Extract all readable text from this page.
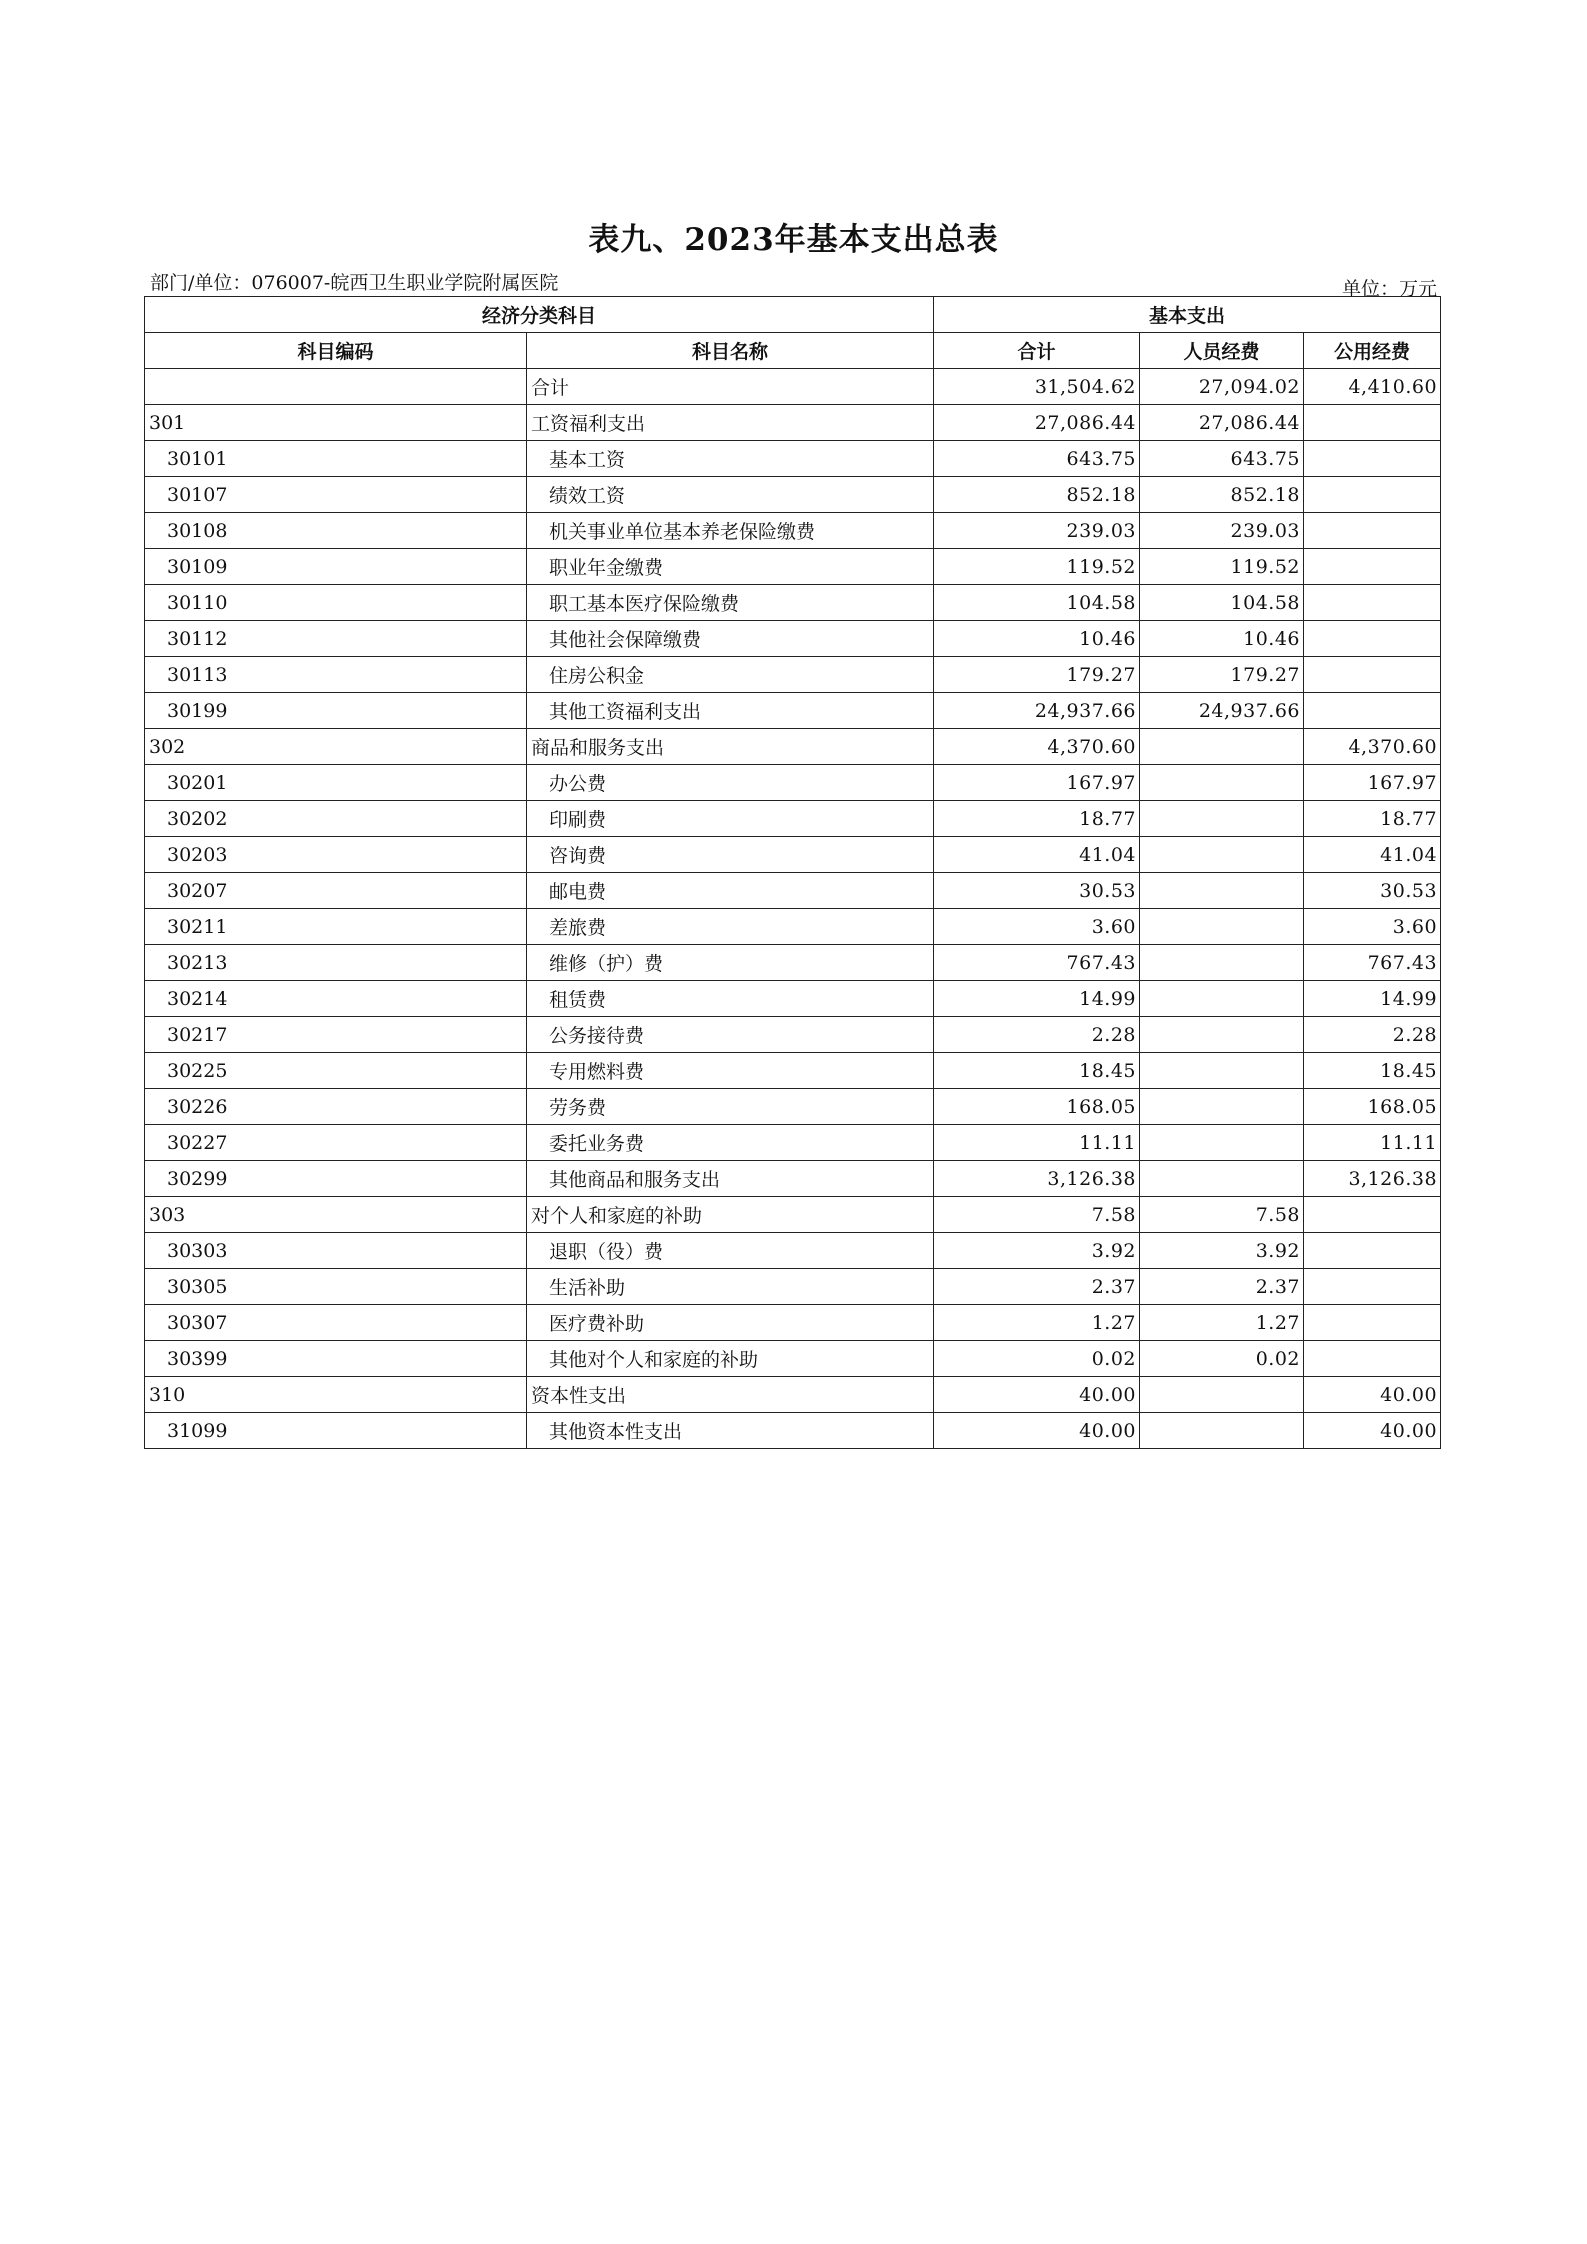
表九、2023年基本支出总表
部门/单位：076007-皖西卫生职业学院附属医院	单位：万元
经济分类科目		基本支出		
科目编码	科目名称	合计	人员经费	公用经费
	合计	31,504.62	27,094.02	4,410.60
301	工资福利支出	27,086.44	27,086.44	
30101	基本工资	643.75	643.75	
30107	绩效工资	852.18	852.18	
30108	机关事业单位基本养老保险缴费	239.03	239.03	
30109	职业年金缴费	119.52	119.52	
30110	职工基本医疗保险缴费	104.58	104.58	
30112	其他社会保障缴费	10.46	10.46	
30113	住房公积金	179.27	179.27	
30199	其他工资福利支出	24,937.66	24,937.66	
302	商品和服务支出	4,370.60		4,370.60
30201	办公费	167.97		167.97
30202	印刷费	18.77		18.77
30203	咨询费	41.04		41.04
30207	邮电费	30.53		30.53
30211	差旅费	3.60		3.60
30213	维修（护）费	767.43		767.43
30214	租赁费	14.99		14.99
30217	公务接待费	2.28		2.28
30225	专用燃料费	18.45		18.45
30226	劳务费	168.05		168.05
30227	委托业务费	11.11		11.11
30299	其他商品和服务支出	3,126.38		3,126.38
303	对个人和家庭的补助	7.58	7.58	
30303	退职（役）费	3.92	3.92	
30305	生活补助	2.37	2.37	
30307	医疗费补助	1.27	1.27	
30399	其他对个人和家庭的补助	0.02	0.02	
310	资本性支出	40.00		40.00
31099	其他资本性支出	40.00		40.00
